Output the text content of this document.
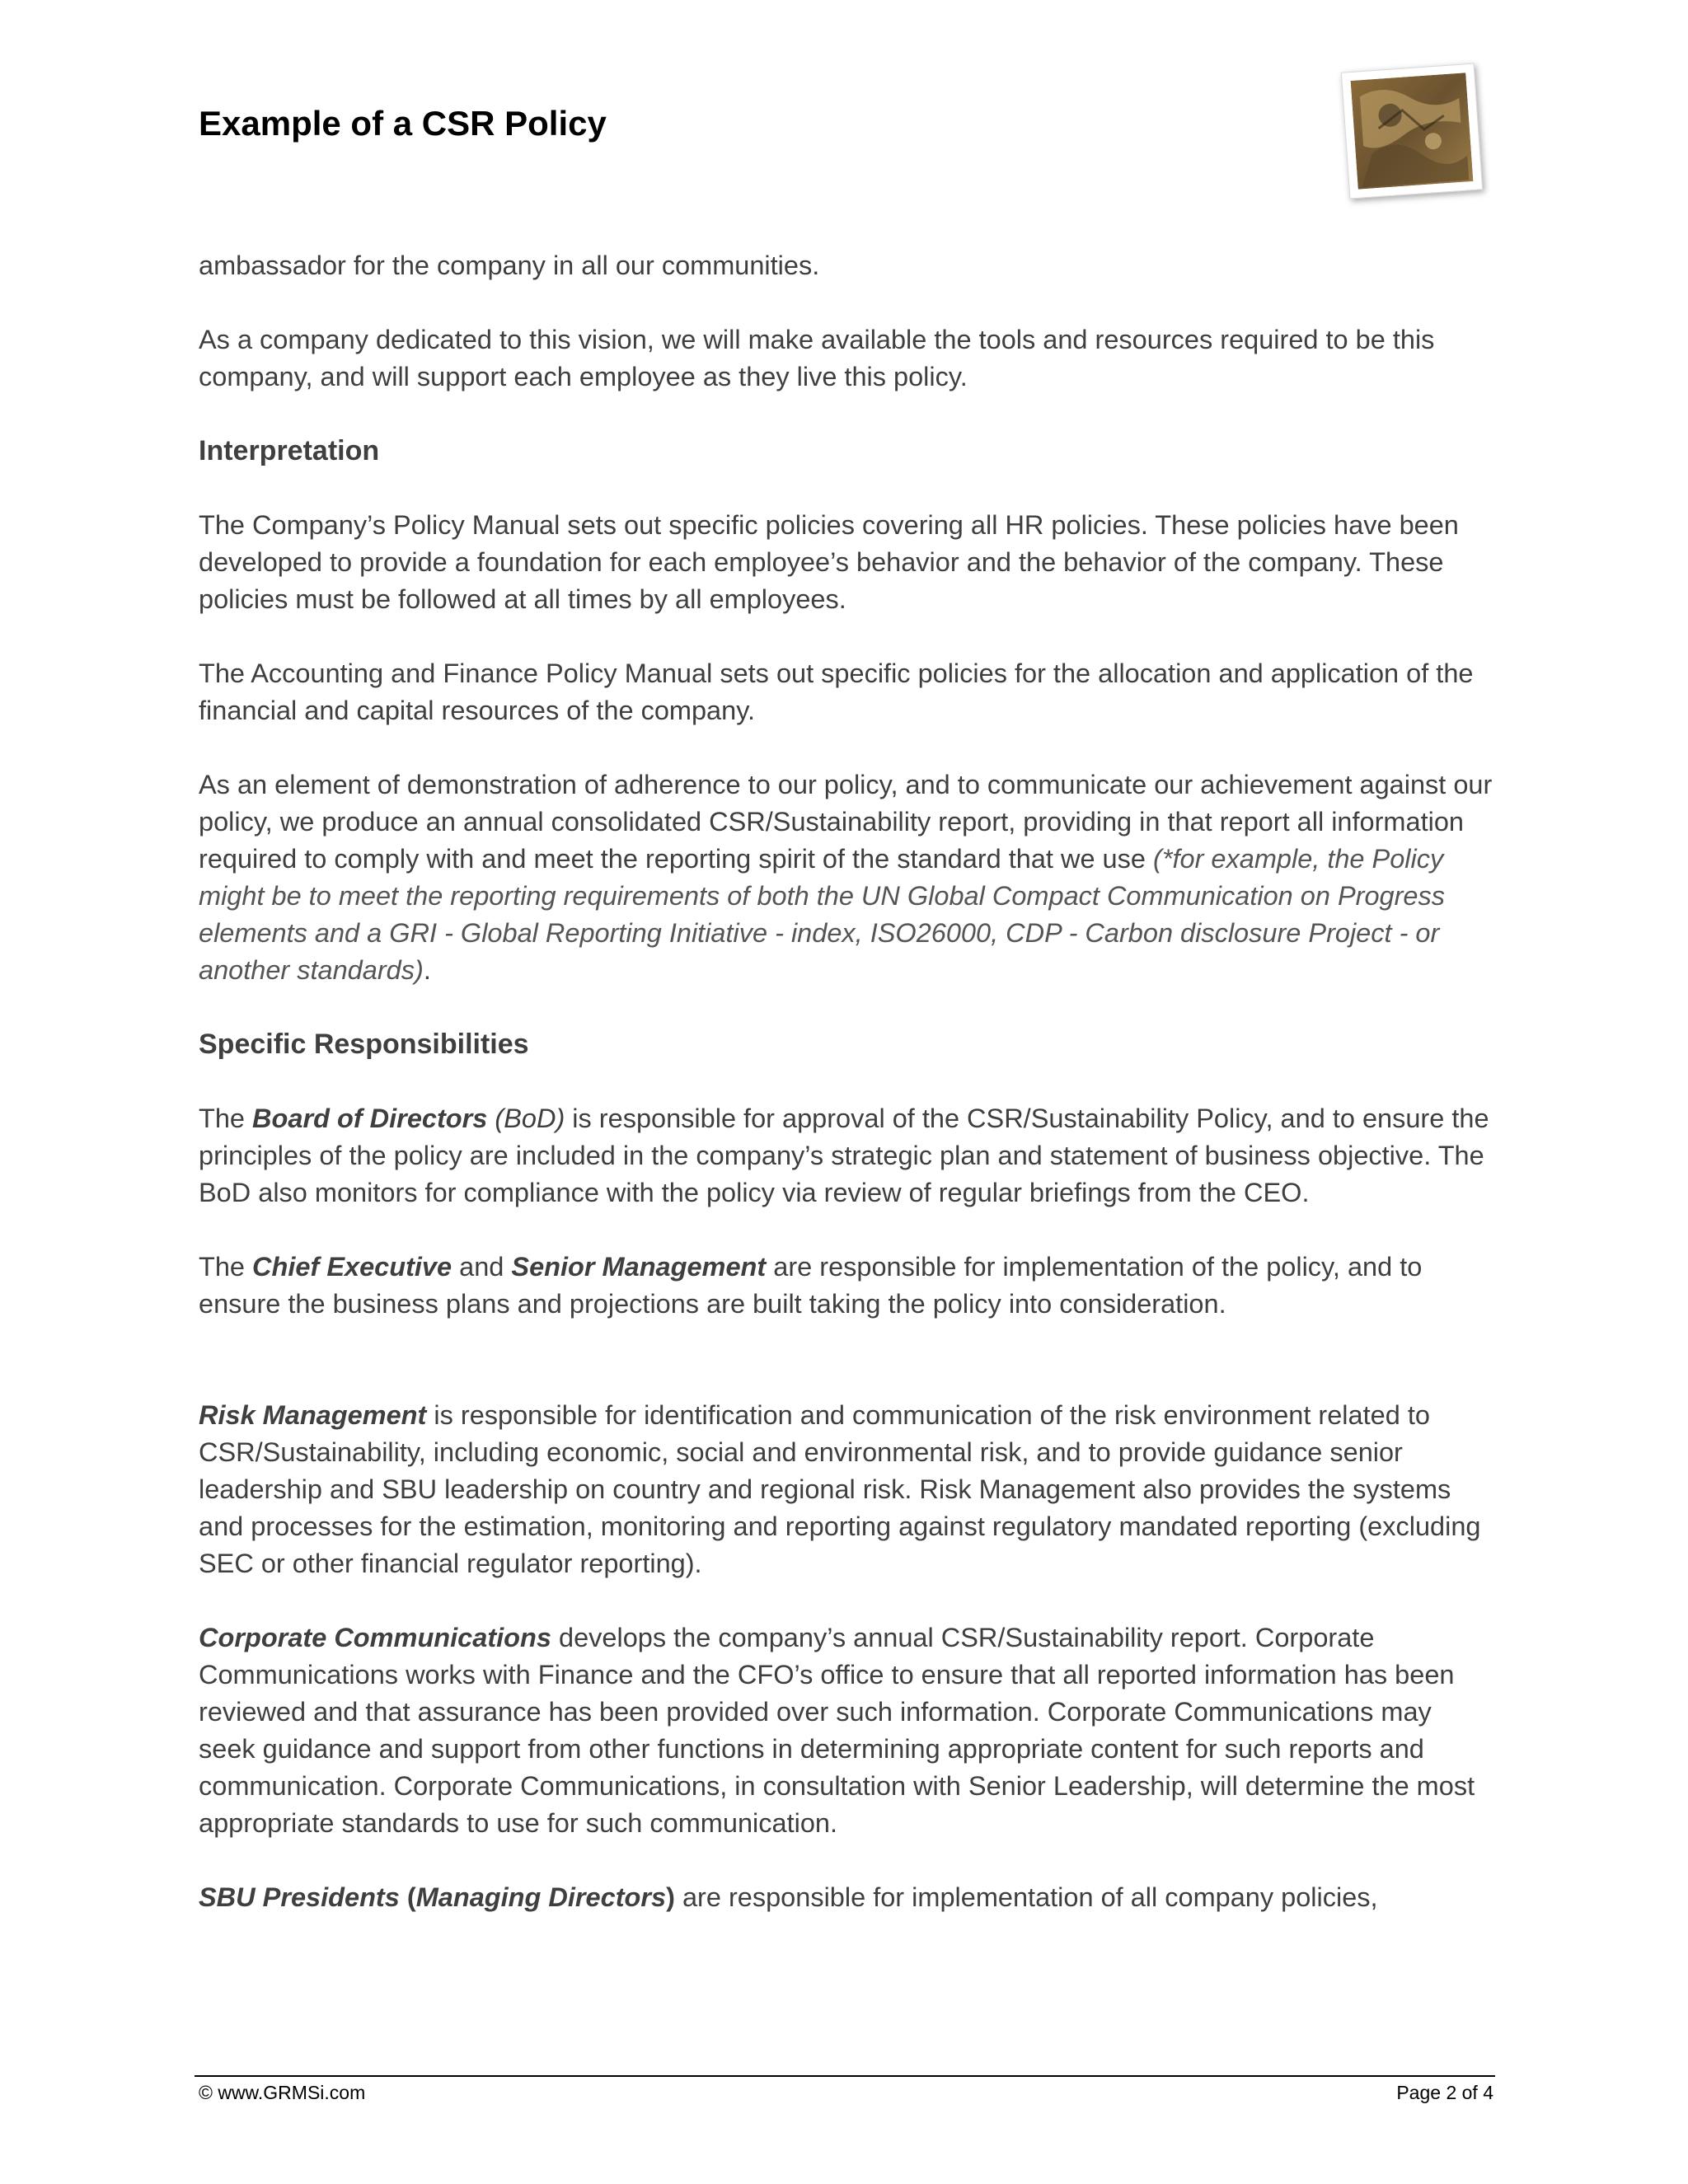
Example of a CSR Policy

ambassador for the company in all our communities.

As a company dedicated to this vision, we will make available the tools and resources required to be this company, and will support each employee as they live this policy.

Interpretation

The Company’s Policy Manual sets out specific policies covering all HR policies. These policies have been developed to provide a foundation for each employee’s behavior and the behavior of the company. These policies must be followed at all times by all employees.

The Accounting and Finance Policy Manual sets out specific policies for the allocation and application of the financial and capital resources of the company.

As an element of demonstration of adherence to our policy, and to communicate our achievement against our policy, we produce an annual consolidated CSR/Sustainability report, providing in that report all information required to comply with and meet the reporting spirit of the standard that we use (*for example, the Policy might be to meet the reporting requirements of both the UN Global Compact Communication on Progress elements and a GRI - Global Reporting Initiative - index, ISO26000, CDP - Carbon disclosure Project - or another standards).

Specific Responsibilities

The Board of Directors (BoD) is responsible for approval of the CSR/Sustainability Policy, and to ensure the principles of the policy are included in the company’s strategic plan and statement of business objective. The BoD also monitors for compliance with the policy via review of regular briefings from the CEO.

The Chief Executive and Senior Management are responsible for implementation of the policy, and to ensure the business plans and projections are built taking the policy into consideration.

Risk Management is responsible for identification and communication of the risk environment related to CSR/Sustainability, including economic, social and environmental risk, and to provide guidance senior leadership and SBU leadership on country and regional risk. Risk Management also provides the systems and processes for the estimation, monitoring and reporting against regulatory mandated reporting (excluding SEC or other financial regulator reporting).

Corporate Communications develops the company’s annual CSR/Sustainability report. Corporate Communications works with Finance and the CFO’s office to ensure that all reported information has been reviewed and that assurance has been provided over such information. Corporate Communications may seek guidance and support from other functions in determining appropriate content for such reports and communication. Corporate Communications, in consultation with Senior Leadership, will determine the most appropriate standards to use for such communication.

SBU Presidents (Managing Directors) are responsible for implementation of all company policies,

© www.GRMSi.com	Page 2 of 4
